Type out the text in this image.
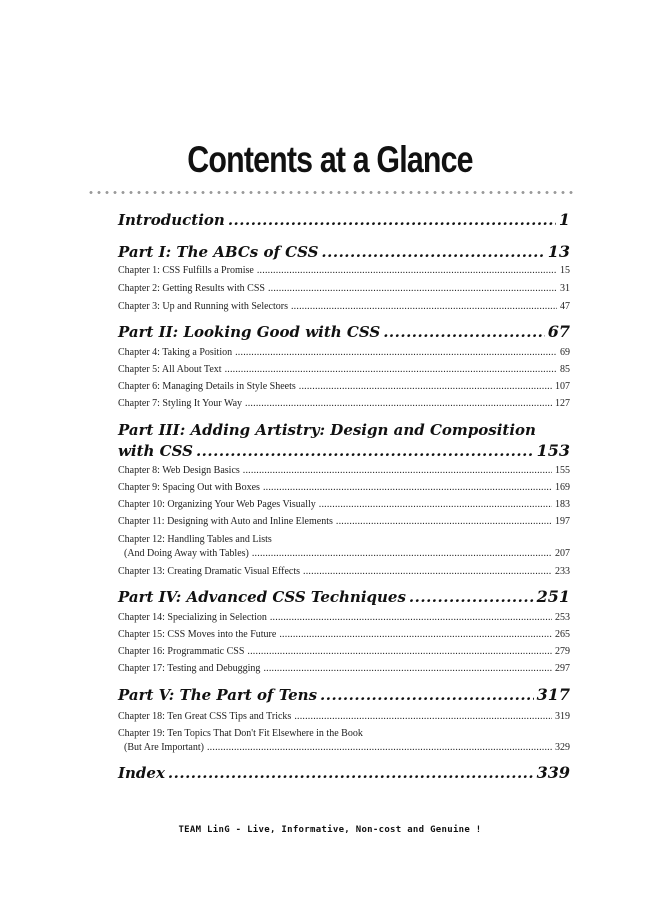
Contents at a Glance
Introduction .....	1
Part I: The ABCs of CSS .....	13
Chapter 1: CSS Fulfills a Promise .....	15
Chapter 2: Getting Results with CSS .....	31
Chapter 3: Up and Running with Selectors .....	47
Part II: Looking Good with CSS .....	67
Chapter 4: Taking a Position .....	69
Chapter 5: All About Text .....	85
Chapter 6: Managing Details in Style Sheets .....	107
Chapter 7: Styling It Your Way .....	127
Part III: Adding Artistry: Design and Composition
with CSS .....	153
Chapter 8: Web Design Basics .....	155
Chapter 9: Spacing Out with Boxes .....	169
Chapter 10: Organizing Your Web Pages Visually .....	183
Chapter 11: Designing with Auto and Inline Elements .....	197
Chapter 12: Handling Tables and Lists
(And Doing Away with Tables) .....	207
Chapter 13: Creating Dramatic Visual Effects .....	233
Part IV: Advanced CSS Techniques .....	251
Chapter 14: Specializing in Selection .....	253
Chapter 15: CSS Moves into the Future .....	265
Chapter 16: Programmatic CSS .....	279
Chapter 17: Testing and Debugging .....	297
Part V: The Part of Tens .....	317
Chapter 18: Ten Great CSS Tips and Tricks .....	319
Chapter 19: Ten Topics That Don't Fit Elsewhere in the Book
(But Are Important) .....	329
Index .....	339
TEAM LinG - Live, Informative, Non-cost and Genuine !
